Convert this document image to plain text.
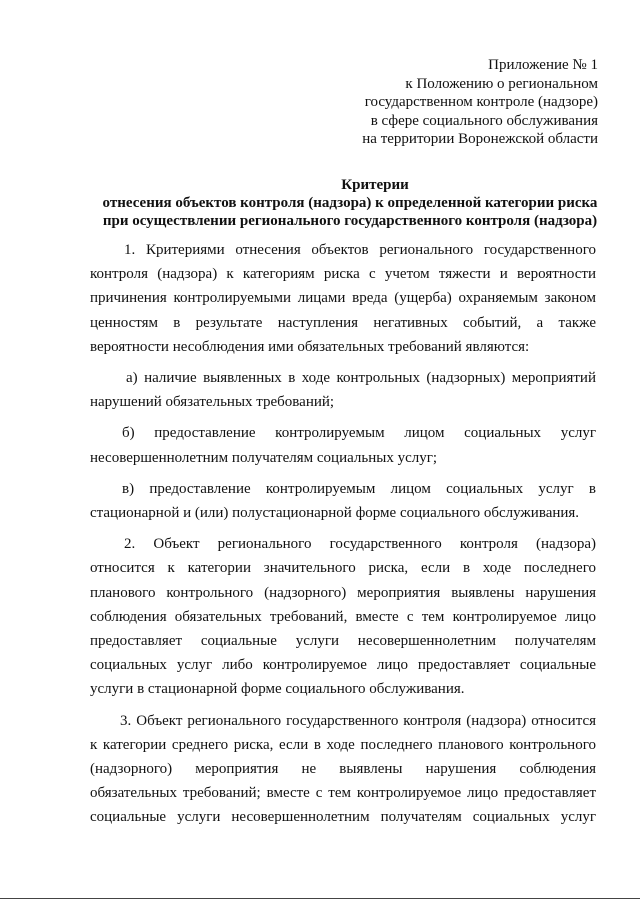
Приложение № 1
к Положению о региональном
государственном контроле (надзоре)
в сфере социального обслуживания
на территории Воронежской области
Критерии
отнесения объектов контроля (надзора) к определенной категории риска
при осуществлении регионального государственного контроля (надзора)
1. Критериями отнесения объектов регионального государственного
контроля (надзора) к категориям риска с учетом тяжести и вероятности
причинения контролируемыми лицами вреда (ущерба) охраняемым законом
ценностям в результате наступления негативных событий, а также
вероятности несоблюдения ими обязательных требований являются:
а) наличие выявленных в ходе контрольных (надзорных) мероприятий
нарушений обязательных требований;
б) предоставление контролируемым лицом социальных услуг
несовершеннолетним получателям социальных услуг;
в) предоставление контролируемым лицом социальных услуг в
стационарной и (или) полустационарной форме социального обслуживания.
2. Объект регионального государственного контроля (надзора)
относится к категории значительного риска, если в ходе последнего
планового контрольного (надзорного) мероприятия выявлены нарушения
соблюдения обязательных требований, вместе с тем контролируемое лицо
предоставляет социальные услуги несовершеннолетним получателям
социальных услуг либо контролируемое лицо предоставляет социальные
услуги в стационарной форме социального обслуживания.
3. Объект регионального государственного контроля (надзора) относится
к категории среднего риска, если в ходе последнего планового контрольного
(надзорного) мероприятия не выявлены нарушения соблюдения
обязательных требований; вместе с тем контролируемое лицо предоставляет
социальные услуги несовершеннолетним получателям социальных услуг
